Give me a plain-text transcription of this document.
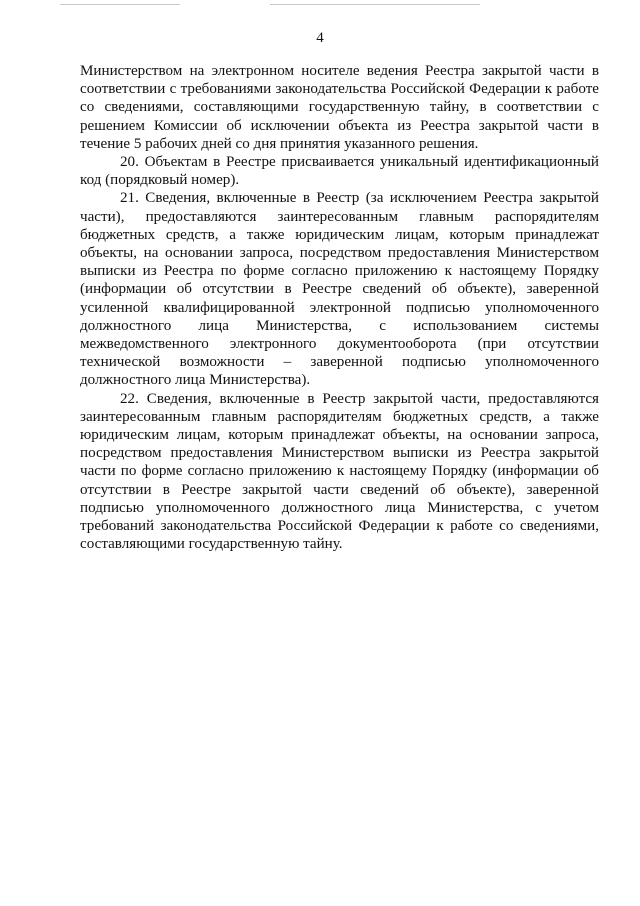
4

Министерством на электронном носителе ведения Реестра закрытой части в соответствии с требованиями законодательства Российской Федерации к работе со сведениями, составляющими государственную тайну, в соответствии с решением Комиссии об исключении объекта из Реестра закрытой части в течение 5 рабочих дней со дня принятия указанного решения.

20. Объектам в Реестре присваивается уникальный идентификационный код (порядковый номер).

21. Сведения, включенные в Реестр (за исключением Реестра закрытой части), предоставляются заинтересованным главным распорядителям бюджетных средств, а также юридическим лицам, которым принадлежат объекты, на основании запроса, посредством предоставления Министерством выписки из Реестра по форме согласно приложению к настоящему Порядку (информации об отсутствии в Реестре сведений об объекте), заверенной усиленной квалифицированной электронной подписью уполномоченного должностного лица Министерства, с использованием системы межведомственного электронного документооборота (при отсутствии технической возможности – заверенной подписью уполномоченного должностного лица Министерства).

22. Сведения, включенные в Реестр закрытой части, предоставляются заинтересованным главным распорядителям бюджетных средств, а также юридическим лицам, которым принадлежат объекты, на основании запроса, посредством предоставления Министерством выписки из Реестра закрытой части по форме согласно приложению к настоящему Порядку (информации об отсутствии в Реестре закрытой части сведений об объекте), заверенной подписью уполномоченного должностного лица Министерства, с учетом требований законодательства Российской Федерации к работе со сведениями, составляющими государственную тайну.
